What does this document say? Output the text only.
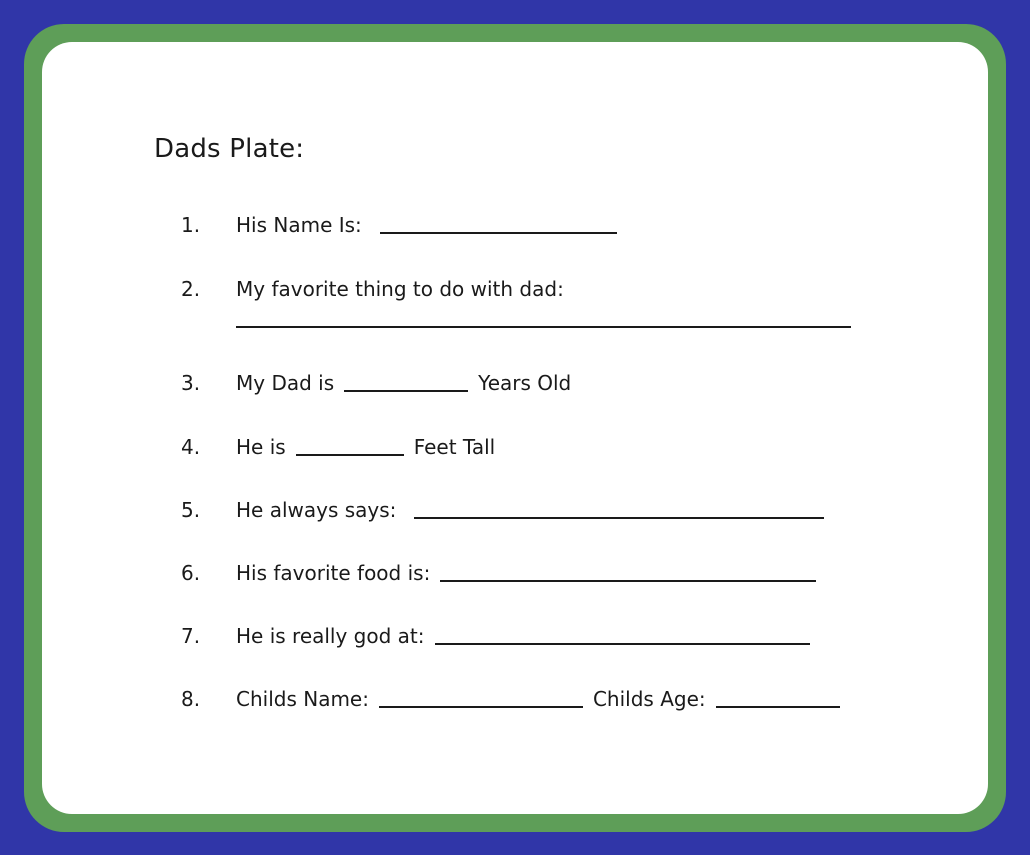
Dads Plate:
1. His Name Is:
2. My favorite thing to do with dad:
3. My Dad is	Years Old
4. He is	Feet Tall
5. He always says:
6. His favorite food is:
7. He is really god at:
8. Childs Name:	Childs Age:
